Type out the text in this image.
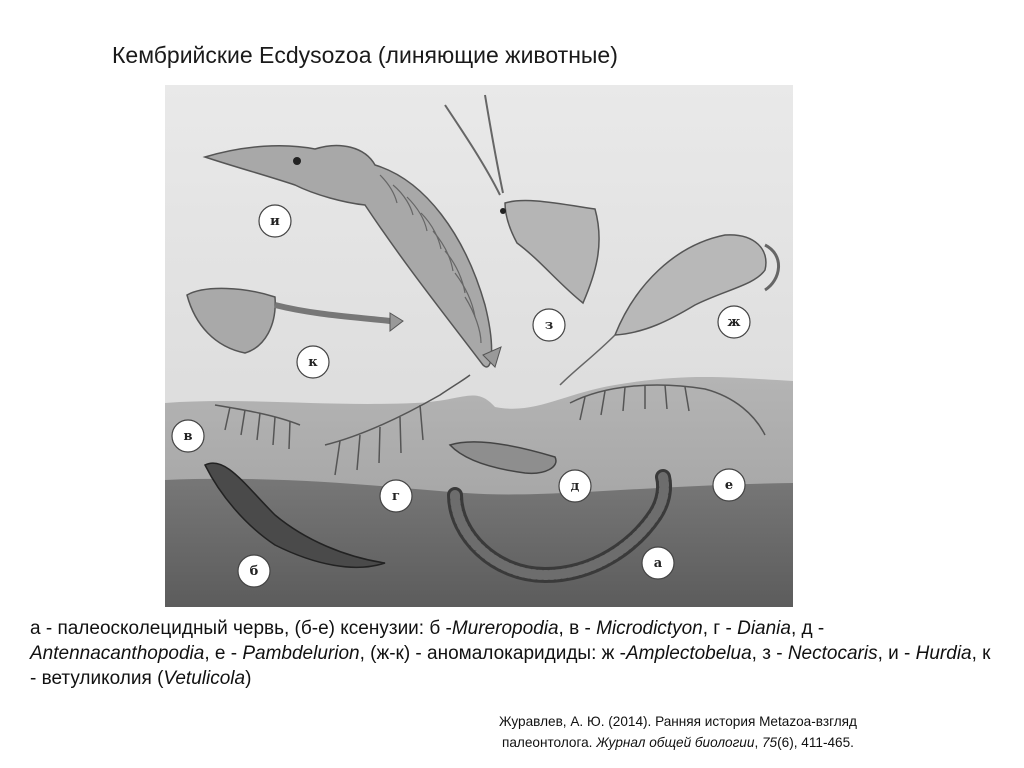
Кембрийские Ecdysozoa (линяющие животные)
и
з	ж
к
в
г
д	е
б
а
а - палеосколецидный червь, (б-е) ксенузии: б -Mureropodia, в - Microdictyon, г - Diania, д - Antennacanthopodia, е - Pambdelurion, (ж-к) - аномалокаридиды: ж -Amplectobelua, з - Nectocaris, и - Hurdia, к - ветуликолия (Vetulicola)
Журавлев, А. Ю. (2014). Ранняя история Metazoa-взгляд
палеонтолога. Журнал общей биологии, 75(6), 411-465.
